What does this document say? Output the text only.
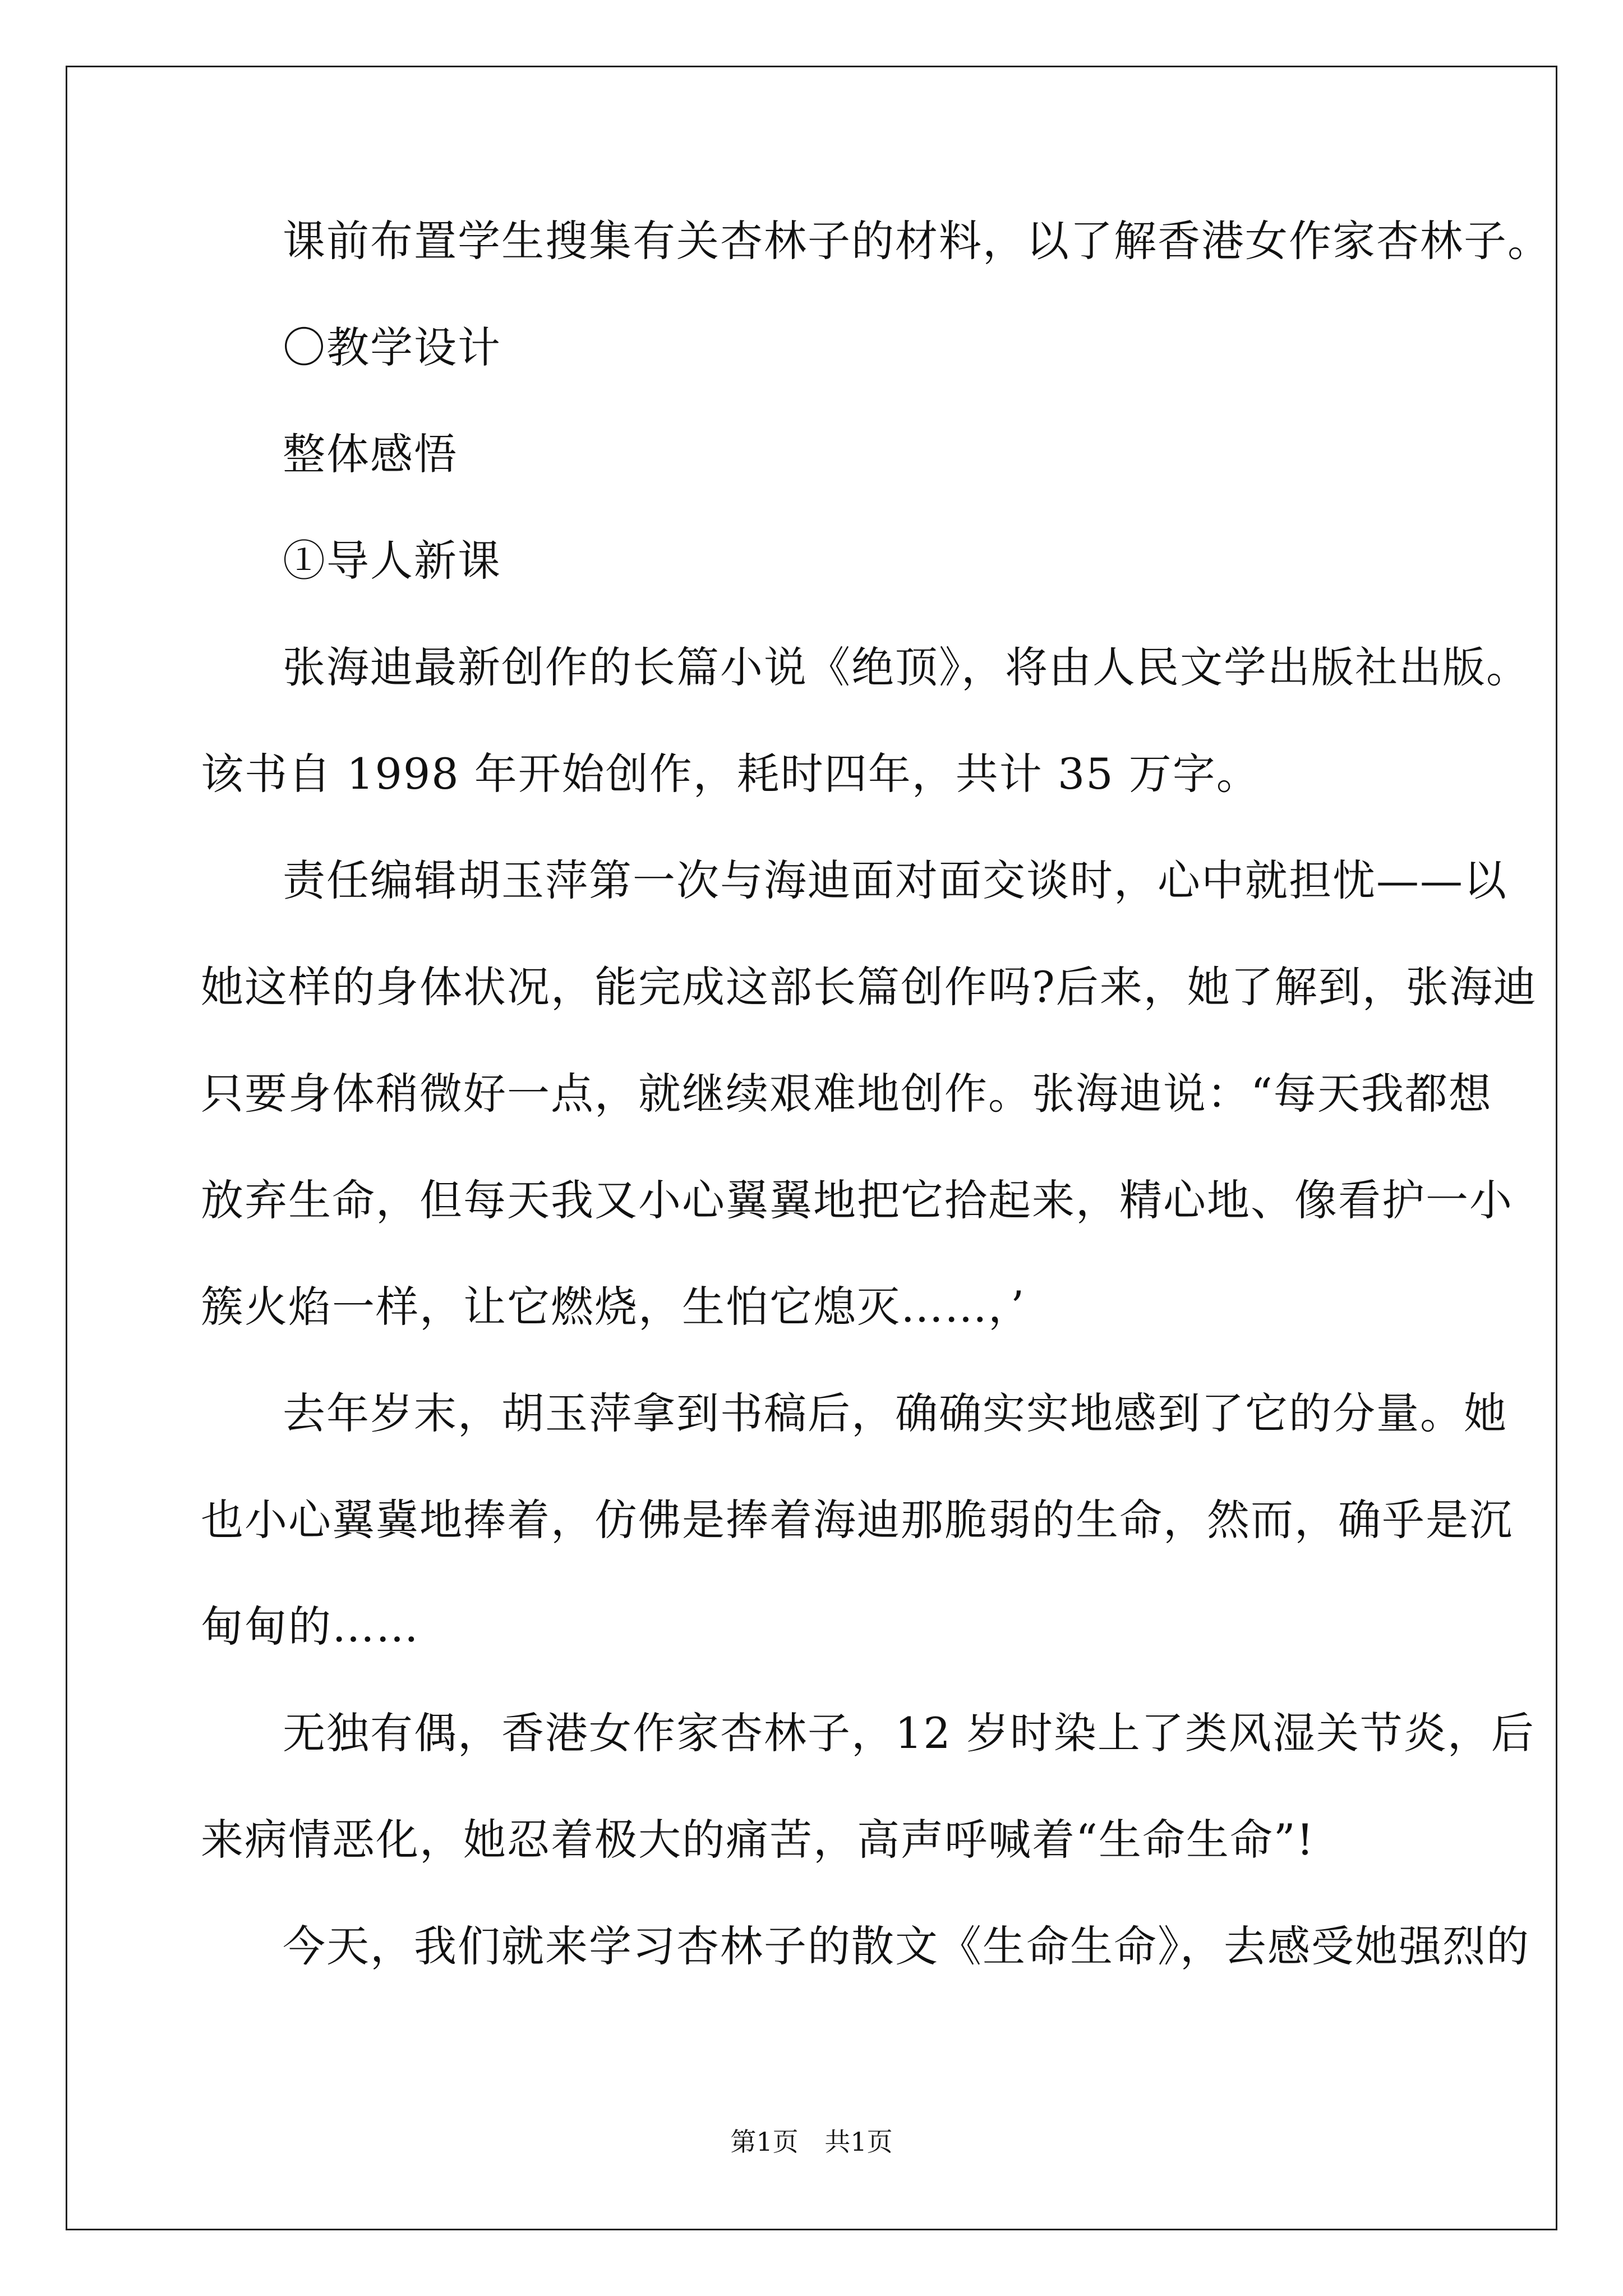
课前布置学生搜集有关杏林子的材料，以了解香港女作家杏林子。
〇教学设计
整体感悟
①导人新课
张海迪最新创作的长篇小说《绝顶》，将由人民文学出版社出版。
该书自 1998 年开始创作，耗时四年，共计 35 万字。
责任编辑胡玉萍第一次与海迪面对面交谈时，心中就担忧——以
她这样的身体状况，能完成这部长篇创作吗?后来，她了解到，张海迪
只要身体稍微好一点，就继续艰难地创作。张海迪说：“每天我都想
放弃生命，但每天我又小心翼翼地把它拾起来，精心地、像看护一小
簇火焰一样，让它燃烧，生怕它熄灭……，’
去年岁末，胡玉萍拿到书稿后，确确实实地感到了它的分量。她
也小心翼冀地捧着，仿佛是捧着海迪那脆弱的生命，然而，确乎是沉
甸甸的……
无独有偶，香港女作家杏林子，12 岁时染上了类风湿关节炎，后
来病情恶化，她忍着极大的痛苦，高声呼喊着“生命生命”!
今天，我们就来学习杏林子的散文《生命生命》，去感受她强烈的
第1页 共1页
